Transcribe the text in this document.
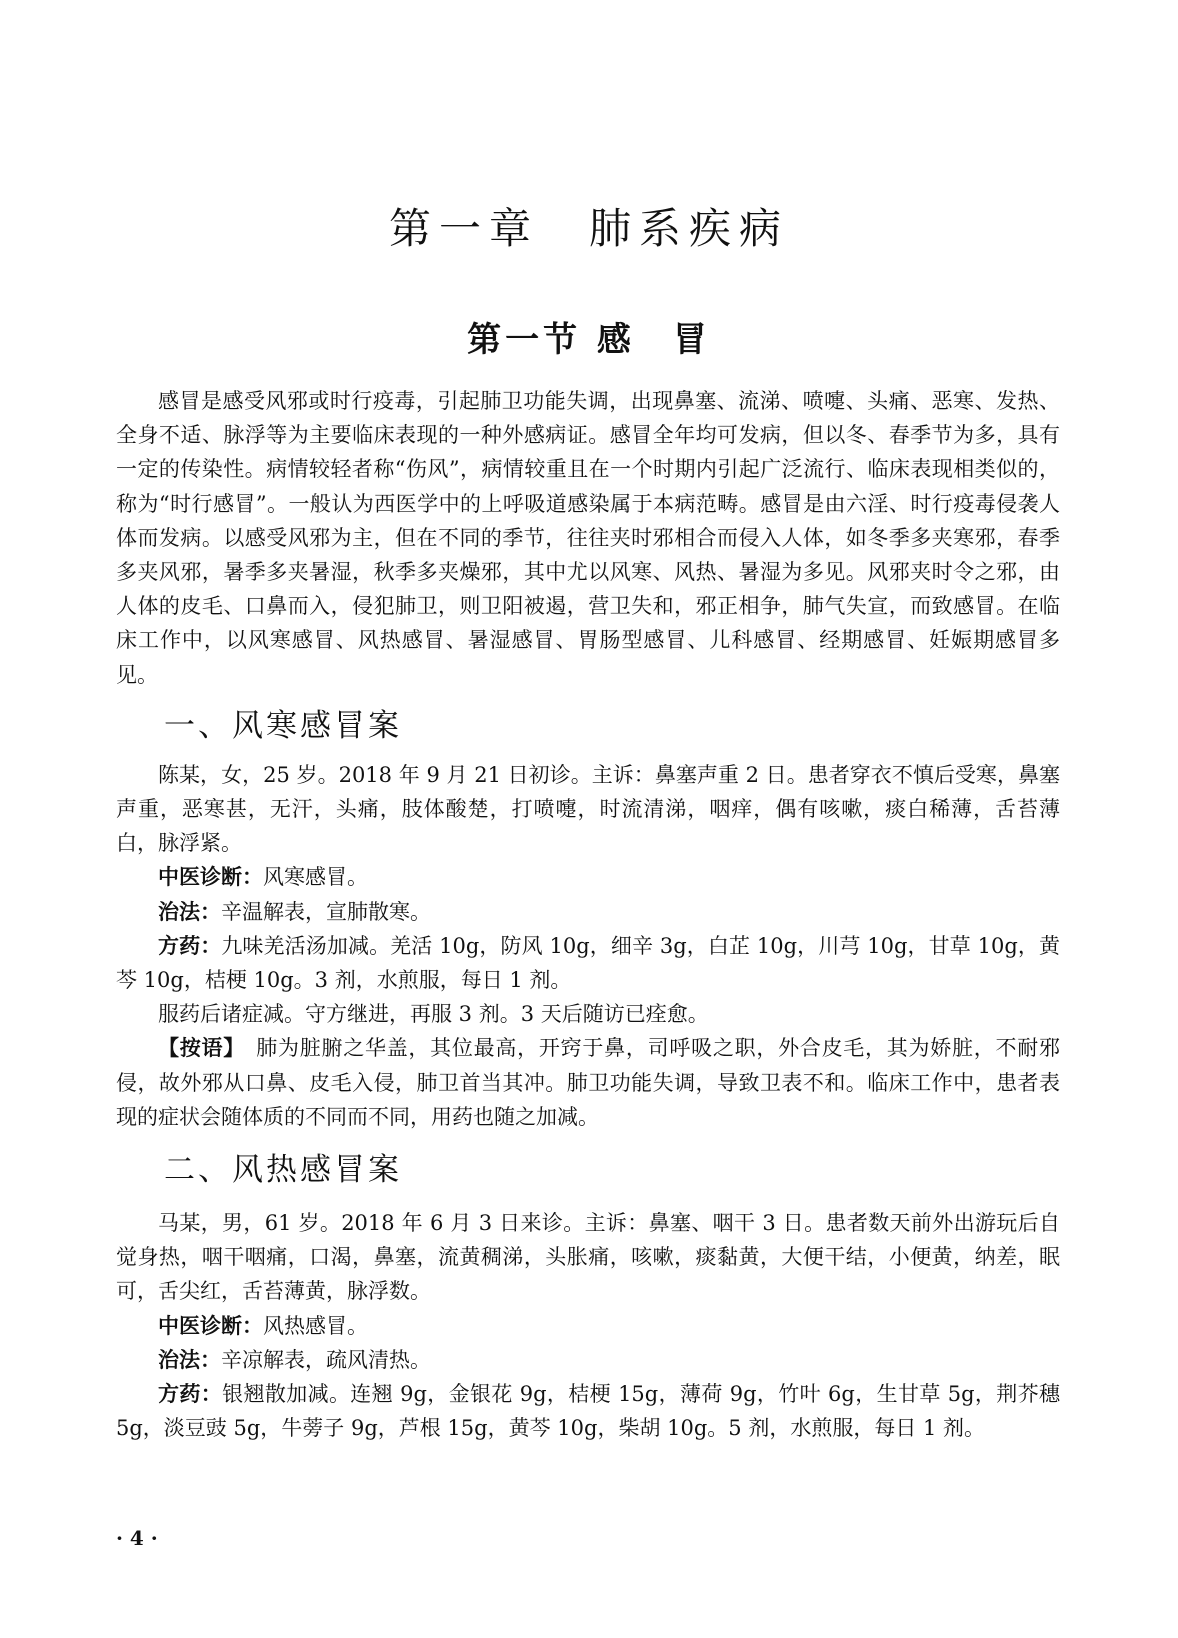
第一章　肺系疾病
第一节 感　冒

感冒是感受风邪或时行疫毒，引起肺卫功能失调，出现鼻塞、流涕、喷嚏、头痛、恶寒、发热、全身不适、脉浮等为主要临床表现的一种外感病证。感冒全年均可发病，但以冬、春季节为多，具有一定的传染性。病情较轻者称“伤风”，病情较重且在一个时期内引起广泛流行、临床表现相类似的，称为“时行感冒”。一般认为西医学中的上呼吸道感染属于本病范畴。感冒是由六淫、时行疫毒侵袭人体而发病。以感受风邪为主，但在不同的季节，往往夹时邪相合而侵入人体，如冬季多夹寒邪，春季多夹风邪，暑季多夹暑湿，秋季多夹燥邪，其中尤以风寒、风热、暑湿为多见。风邪夹时令之邪，由人体的皮毛、口鼻而入，侵犯肺卫，则卫阳被遏，营卫失和，邪正相争，肺气失宣，而致感冒。在临床工作中，以风寒感冒、风热感冒、暑湿感冒、胃肠型感冒、儿科感冒、经期感冒、妊娠期感冒多见。

一、风寒感冒案

陈某，女，25 岁。2018 年 9 月 21 日初诊。主诉：鼻塞声重 2 日。患者穿衣不慎后受寒，鼻塞声重，恶寒甚，无汗，头痛，肢体酸楚，打喷嚏，时流清涕，咽痒，偶有咳嗽，痰白稀薄，舌苔薄白，脉浮紧。

中医诊断：风寒感冒。

治法：辛温解表，宣肺散寒。

方药：九味羌活汤加减。羌活 10g，防风 10g，细辛 3g，白芷 10g，川芎 10g，甘草 10g，黄芩 10g，桔梗 10g。3 剂，水煎服，每日 1 剂。

服药后诸症减。守方继进，再服 3 剂。3 天后随访已痊愈。

【按语】　肺为脏腑之华盖，其位最高，开窍于鼻，司呼吸之职，外合皮毛，其为娇脏，不耐邪侵，故外邪从口鼻、皮毛入侵，肺卫首当其冲。肺卫功能失调，导致卫表不和。临床工作中，患者表现的症状会随体质的不同而不同，用药也随之加减。

二、风热感冒案

马某，男，61 岁。2018 年 6 月 3 日来诊。主诉：鼻塞、咽干 3 日。患者数天前外出游玩后自觉身热，咽干咽痛，口渴，鼻塞，流黄稠涕，头胀痛，咳嗽，痰黏黄，大便干结，小便黄，纳差，眠可，舌尖红，舌苔薄黄，脉浮数。

中医诊断：风热感冒。

治法：辛凉解表，疏风清热。

方药：银翘散加减。连翘 9g，金银花 9g，桔梗 15g，薄荷 9g，竹叶 6g，生甘草 5g，荆芥穗 5g，淡豆豉 5g，牛蒡子 9g，芦根 15g，黄芩 10g，柴胡 10g。5 剂，水煎服，每日 1 剂。

· 4 ·
